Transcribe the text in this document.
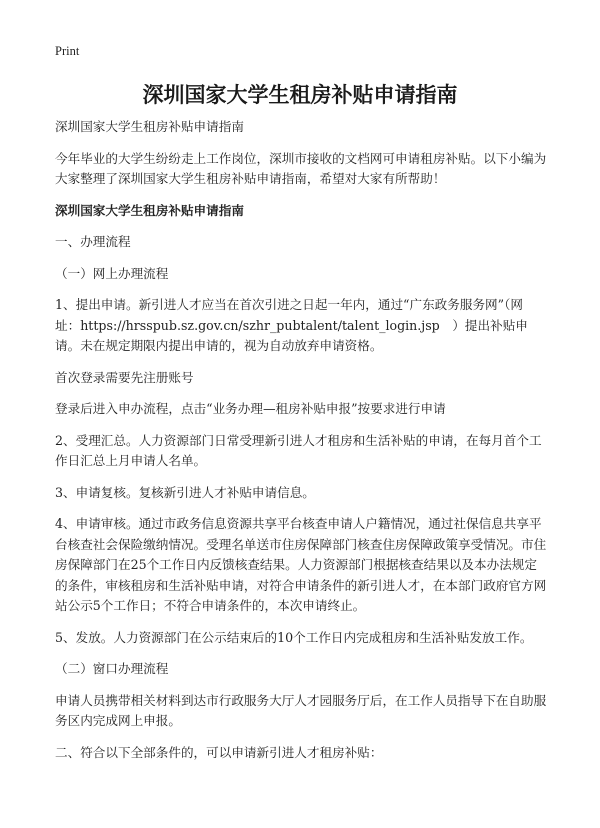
Print
深圳国家大学生租房补贴申请指南

深圳国家大学生租房补贴申请指南

今年毕业的大学生纷纷走上工作岗位，深圳市接收的文档网可申请租房补贴。以下小编为大家整理了深圳国家大学生租房补贴申请指南，希望对大家有所帮助！

深圳国家大学生租房补贴申请指南

一、办理流程

（一）网上办理流程

1、提出申请。新引进人才应当在首次引进之日起一年内，通过“广东政务服务网”（网址：https://hrsspub.sz.gov.cn/szhr_pubtalent/talent_login.jsp　）提出补贴申请。未在规定期限内提出申请的，视为自动放弃申请资格。

首次登录需要先注册账号

登录后进入申办流程，点击“业务办理—租房补贴申报”按要求进行申请

2、受理汇总。人力资源部门日常受理新引进人才租房和生活补贴的申请，在每月首个工作日汇总上月申请人名单。

3、申请复核。复核新引进人才补贴申请信息。

4、申请审核。通过市政务信息资源共享平台核查申请人户籍情况，通过社保信息共享平台核查社会保险缴纳情况。受理名单送市住房保障部门核查住房保障政策享受情况。市住房保障部门在25个工作日内反馈核查结果。人力资源部门根据核查结果以及本办法规定的条件，审核租房和生活补贴申请，对符合申请条件的新引进人才，在本部门政府官方网站公示5个工作日；不符合申请条件的，本次申请终止。

5、发放。人力资源部门在公示结束后的10个工作日内完成租房和生活补贴发放工作。

（二）窗口办理流程

申请人员携带相关材料到达市行政服务大厅人才园服务厅后，在工作人员指导下在自助服务区内完成网上申报。

二、符合以下全部条件的，可以申请新引进人才租房补贴：
